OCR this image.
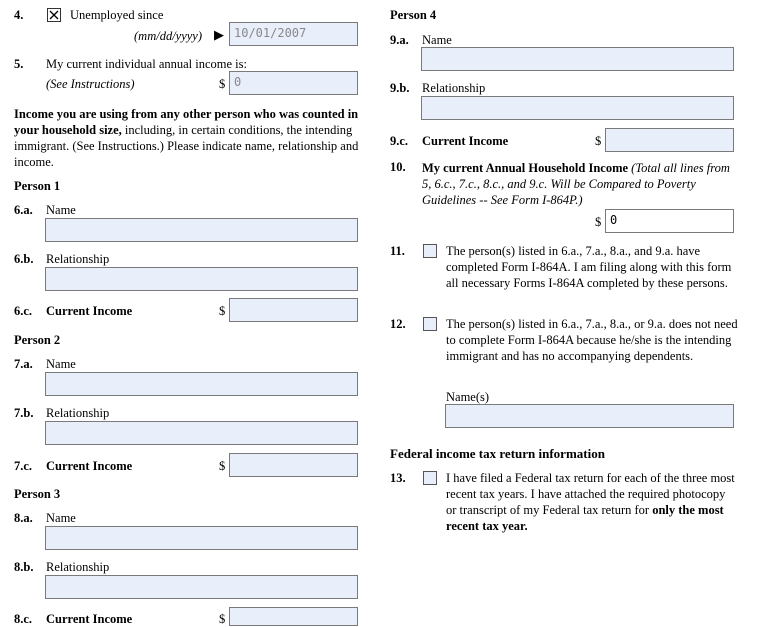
4.	Unemployed since
(mm/dd/yyyy) ▶ 10/01/2007
5. My current individual annual income is:
(See Instructions)	$ 0
Income you are using from any other person who was counted in your household size, including, in certain conditions, the intending immigrant. (See Instructions.) Please indicate name, relationship and income.
Person 1
6.a. Name
6.b. Relationship
6.c. Current Income	$
Person 2
7.a. Name
7.b. Relationship
7.c. Current Income	$
Person 3
8.a. Name
8.b. Relationship
8.c. Current Income	$
Person 4
9.a. Name
9.b. Relationship
9.c. Current Income	$
10. My current Annual Household Income (Total all lines from 5, 6.c., 7.c., 8.c., and 9.c. Will be Compared to Poverty Guidelines -- See Form I-864P.)
$ 0
11.	The person(s) listed in 6.a., 7.a., 8.a., and 9.a. have completed Form I-864A. I am filing along with this form all necessary Forms I-864A completed by these persons.
12.	The person(s) listed in 6.a., 7.a., 8.a., or 9.a. does not need to complete Form I-864A because he/she is the intending immigrant and has no accompanying dependents.
Name(s)
Federal income tax return information
13.	I have filed a Federal tax return for each of the three most recent tax years. I have attached the required photocopy or transcript of my Federal tax return for only the most recent tax year.
